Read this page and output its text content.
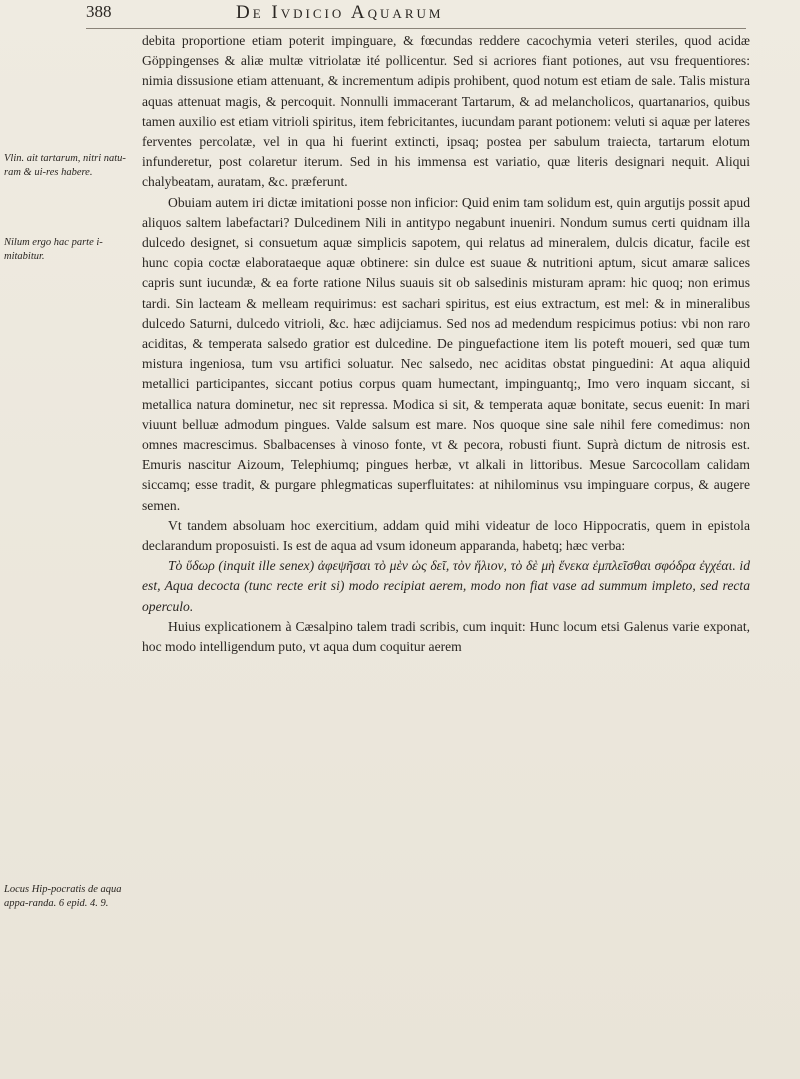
388	De Ivdicio Aquarum
Vlin. ait tartarum, nitri natu-ram & ui-res habere.
Nilum ergo hac parte i-mitabitur.
Locus Hip-pocratis de aqua appa-randa. 6 epid. 4. 9.

debita proportione etiam poterit impinguare, & fœcundas reddere cacochymia veteri steriles, quod acidæ Göppingenses & aliæ multæ vitriolatæ ité pollicentur. Sed si acriores fiant potiones, aut vsu frequentiores: nimia dissusione etiam attenuant, & incrementum adipis prohibent, quod notum est etiam de sale. Talis mistura aquas attenuat magis, & percoquit. Nonnulli immacerant Tartarum, & ad melancholicos, quartanarios, quibus tamen auxilio est etiam vitrioli spiritus, item febricitantes, iucundam parant potionem: veluti si aquæ per lateres ferventes percolatæ, vel in qua hi fuerint extincti, ipsaq; postea per sabulum traiecta, tartarum elotum infunderetur, post colaretur iterum. Sed in his immensa est variatio, quæ literis designari nequit. Aliqui chalybeatam, auratam, &c. præferunt.

Obuiam autem iri dictæ imitationi posse non inficior: Quid enim tam solidum est, quin argutijs possit apud aliquos saltem labefactari? Dulcedinem Nili in antitypo negabunt inueniri. Nondum sumus certi quidnam illa dulcedo designet, si consuetum aquæ simplicis sapotem, qui relatus ad mineralem, dulcis dicatur, facile est hunc copia coctæ elaborataeque aquæ obtinere: sin dulce est suaue & nutritioni aptum, sicut amaræ salices capris sunt iucundæ, & ea forte ratione Nilus suauis sit ob salsedinis misturam apram: hic quoq; non erimus tardi. Sin lacteam & melleam requirimus: est sachari spiritus, est eius extractum, est mel: & in mineralibus dulcedo Saturni, dulcedo vitrioli, &c. hæc adijciamus. Sed nos ad medendum respicimus potius: vbi non raro aciditas, & temperata salsedo gratior est dulcedine. De pinguefactione item lis poteft moueri, sed quæ tum mistura ingeniosa, tum vsu artifici soluatur. Nec salsedo, nec aciditas obstat pinguedini: At aqua aliquid metallici participantes, siccant potius corpus quam humectant, impinguantq;, Imo vero inquam siccant, si metallica natura dominetur, nec sit repressa. Modica si sit, & temperata aquæ bonitate, secus euenit: In mari viuunt belluæ admodum pingues. Valde salsum est mare. Nos quoque sine sale nihil fere comedimus: non omnes macrescimus. Sbalbacenses à vinoso fonte, vt & pecora, robusti fiunt. Suprà dictum de nitrosis est. Emuris nascitur Aizoum, Telephiumq; pingues herbæ, vt alkali in littoribus. Mesue Sarcocollam calidam siccamq; esse tradit, & purgare phlegmaticas superfluitates: at nihilominus vsu impinguare corpus, & augere semen.

Vt tandem absoluam hoc exercitium, addam quid mihi videatur de loco Hippocratis, quem in epistola declarandum proposuisti. Is est de aqua ad vsum idoneum apparanda, habetq; hæc verba:

Τὸ ὕδωρ (inquit ille senex) ἀφεψῆσαι τὸ μὲν ὡς δεῖ, τὸν ἥλιον, τὸ δὲ μὴ ἕνεκα ἐμπλεῖσθαι σφόδρα ἐγχέαι. id est, Aqua decocta (tunc recte erit si) modo recipiat aerem, modo non fiat vase ad summum impleto, sed recta operculo.

Huius explicationem à Cæsalpino talem tradi scribis, cum inquit: Hunc locum etsi Galenus varie exponat, hoc modo intelligendum puto, vt aqua dum coquitur aerem
